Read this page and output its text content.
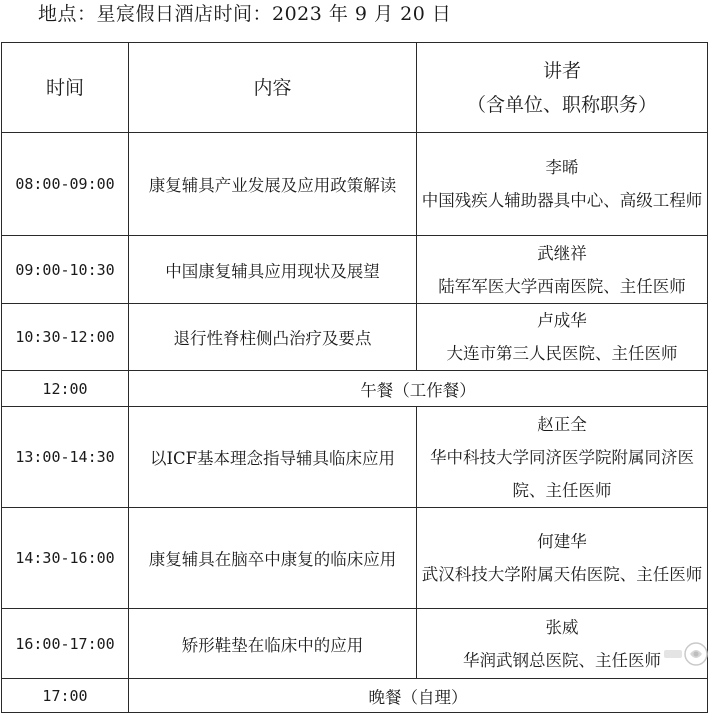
地点：星宸假日酒店时间：2023 年 9 月 20 日
时间	内容	讲者
（含单位、职称职务）

08:00-09:00	康复辅具产业发展及应用政策解读	李晞
中国残疾人辅助器具中心、高级工程师

09:00-10:30	中国康复辅具应用现状及展望	武继祥
陆军军医大学西南医院、主任医师

10:30-12:00	退行性脊柱侧凸治疗及要点	卢成华
大连市第三人民医院、主任医师

12:00	午餐（工作餐）	
13:00-14:30	以ICF基本理念指导辅具临床应用	赵正全
华中科技大学同济医学院附属同济医院、主任医师

14:30-16:00	康复辅具在脑卒中康复的临床应用	何建华
武汉科技大学附属天佑医院、主任医师

16:00-17:00	矫形鞋垫在临床中的应用	张威
华润武钢总医院、主任医师

17:00	晚餐（自理）	
